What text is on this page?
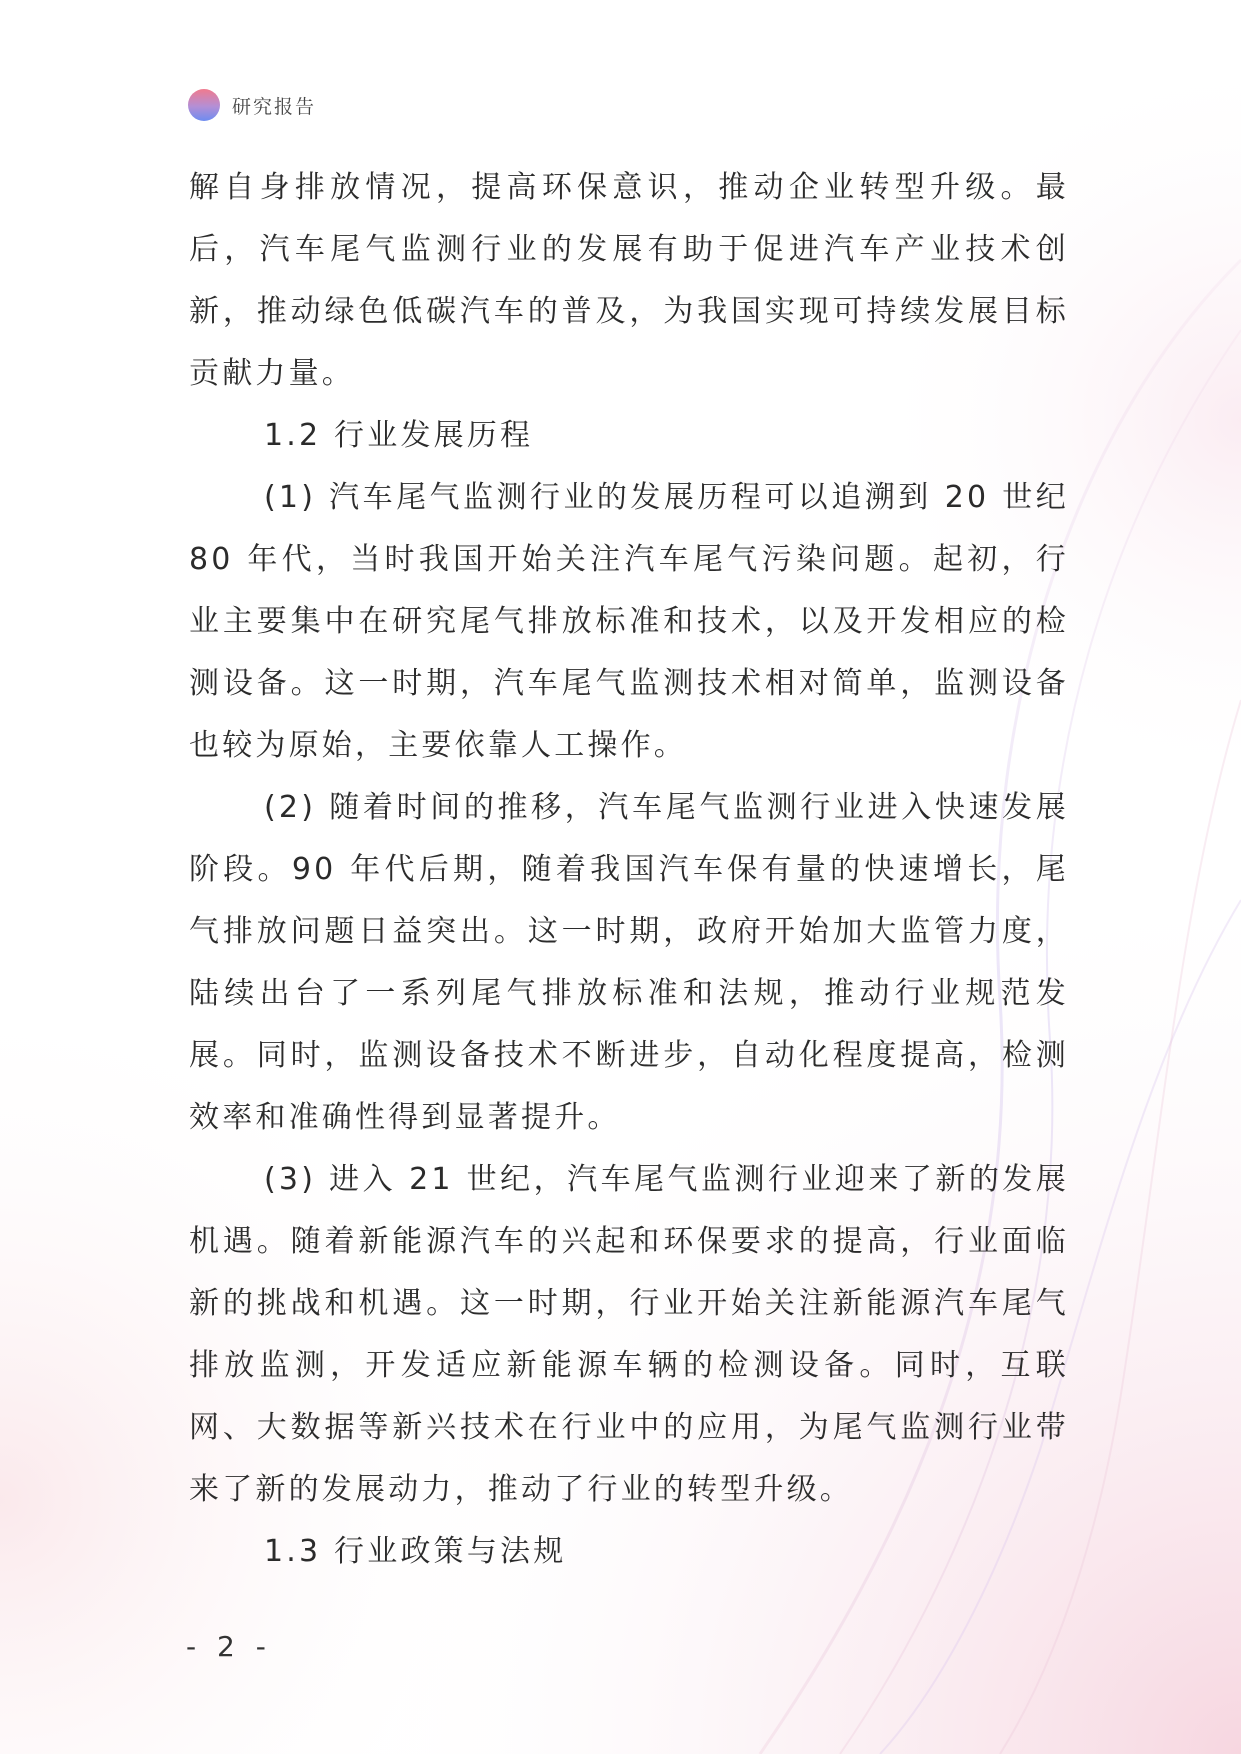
研究报告

解自身排放情况，提高环保意识，推动企业转型升级。最后，汽车尾气监测行业的发展有助于促进汽车产业技术创新，推动绿色低碳汽车的普及，为我国实现可持续发展目标贡献力量。

1.2 行业发展历程

(1) 汽车尾气监测行业的发展历程可以追溯到 20 世纪 80 年代，当时我国开始关注汽车尾气污染问题。起初，行业主要集中在研究尾气排放标准和技术，以及开发相应的检测设备。这一时期，汽车尾气监测技术相对简单，监测设备也较为原始，主要依靠人工操作。

(2) 随着时间的推移，汽车尾气监测行业进入快速发展阶段。90 年代后期，随着我国汽车保有量的快速增长，尾气排放问题日益突出。这一时期，政府开始加大监管力度，陆续出台了一系列尾气排放标准和法规，推动行业规范发展。同时，监测设备技术不断进步，自动化程度提高，检测效率和准确性得到显著提升。

(3) 进入 21 世纪，汽车尾气监测行业迎来了新的发展机遇。随着新能源汽车的兴起和环保要求的提高，行业面临新的挑战和机遇。这一时期，行业开始关注新能源汽车尾气排放监测，开发适应新能源车辆的检测设备。同时，互联网、大数据等新兴技术在行业中的应用，为尾气监测行业带来了新的发展动力，推动了行业的转型升级。

1.3 行业政策与法规

- 2 -
